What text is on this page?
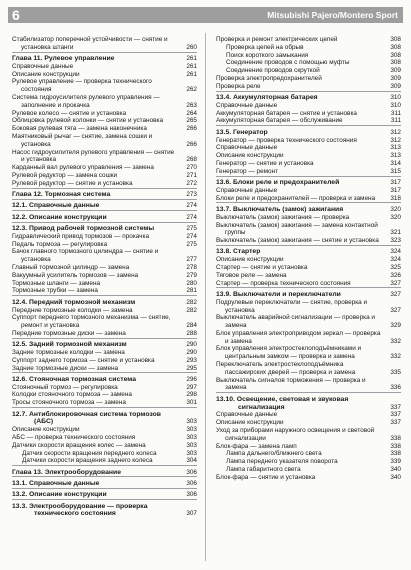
6	Mitsubishi Pajero/Montero Sport
Стабилизатор поперечной устойчивости — снятие и установка штанги	260
Глава 11. Рулевое управление	261
Справочные данные	261
Описание конструкции	261
Рулевое управление — проверка технического состояния	262
Система гидроусилителя рулевого управления — заполнение и прокачка	263
Рулевое колесо — снятие и установка	264
Облицовка рулевой колонки — снятие и установка	265
Боковая рулевая тяга — замена наконечника	266
Маятниковый рычаг — снятие, замена сошки и установка	266
Насос гидроусилителя рулевого управления — снятие и установка	268
Карданный вал рулевого управления — замена	270
Рулевой редуктор — замена сошки	271
Рулевой редуктор — снятие и установка	272
Глава 12. Тормозная система	273
12.1. Справочные данные	274
12.2. Описание конструкции	274
12.3. Привод рабочей тормозной системы	275
Гидравлический привод тормозов — прокачка	274
Педаль тормоза — регулировка	275
Бачок главного тормозного цилиндра — снятие и установка	277
Главный тормозной цилиндр — замена	278
Вакуумный усилитель тормозов — замена	279
Тормозные шланги — замена	280
Тормозные трубки — замена	281
12.4. Передний тормозной механизм	282
Передние тормозные колодки — замена	282
Суппорт переднего тормозного механизма — снятие, ремонт и установка	284
Передние тормозные диски — замена	288
12.5. Задний тормозной механизм	290
Задние тормозные колодки — замена	290
Суппорт заднего тормоза — снятие и установка	293
Задние тормозные диски — замена	295
12.6. Стояночная тормозная система	296
Стояночный тормоз — регулировка	297
Колодки стояночного тормоза — замена	298
Тросы стояночного тормоза — замена	301
12.7. Антиблокировочная система тормозов (АБС)	303
Описание конструкции	303
АБС — проверка технического состояния	303
Датчики скорости вращения колес — замена	303
Датчик скорости вращения переднего колеса	303
Датчики скорости вращения заднего колеса	304
Глава 13. Электрооборудование	306
13.1. Справочные данные	306
13.2. Описание конструкции	306
13.3. Электрооборудование — проверка технического состояния	307
Проверка и ремонт электрических цепей	308
Проверка цепей на обрыв	308
Поиск короткого замыкания	308
Соединение проводов с помощью муфты	308
Соединение проводов скруткой	309
Проверка электропредохранителей	309
Проверка реле	309
13.4. Аккумуляторная батарея	310
Справочные данные	310
Аккумуляторная батарея — снятие и установка	311
Аккумуляторная батарея — обслуживание	311
13.5. Генератор	312
Генератор — проверка технического состояния	312
Справочные данные	313
Описание конструкции	313
Генератор — снятие и установка	314
Генератор — ремонт	315
13.6. Блоки реле и предохранителей	317
Справочные данные	317
Блоки реле и предохранителей — проверка и замена	318
13.7. Выключатель (замок) зажигания	320
Выключатель (замок) зажигания — проверка	320
Выключатель (замок) зажигания — замена контактной группы	321
Выключатель (замок) зажигания — снятие и установка	323
13.8. Стартер	324
Описание конструкции	324
Стартер — снятие и установка	325
Тяговое реле — замена	326
Стартер — проверка технического состояния	327
13.9. Выключатели и переключатели	327
Подрулевые переключатели — снятие, проверка и установка	327
Выключатель аварийной сигнализации — проверка и замена	329
Блок управления электроприводом зеркал — проверка и замена	332
Блок управления электростеклоподъёмниками и центральным замком — проверка и замена	332
Переключатель электростеклоподъёмника пассажирских дверей — проверка и замена	335
Выключатель сигналов торможения — проверка и замена	336
13.10. Освещение, световая и звуковая сигнализация	337
Справочные данные	337
Описание конструкции	337
Уход за приборами наружного освещения и световой сигнализации	338
Блок-фара — замена ламп	338
Лампа дальнего/ближнего света	338
Лампа переднего указателя поворота	339
Лампа габаритного света	340
Блок-фара — снятие и установка	340
